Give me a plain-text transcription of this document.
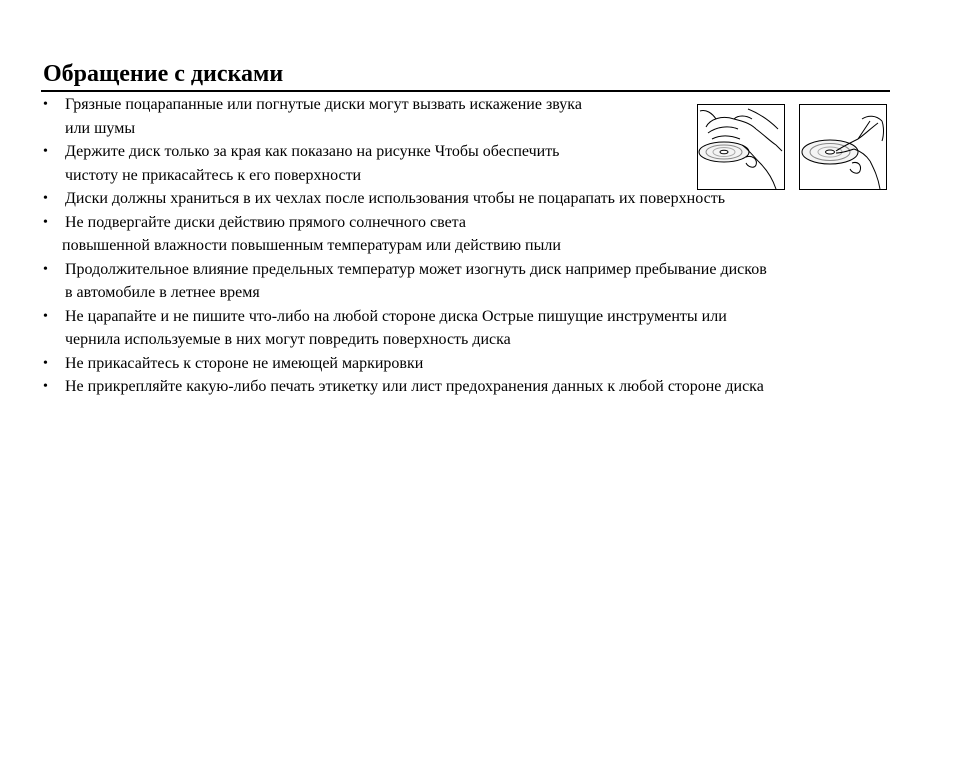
Обращение с дисками
• Грязные поцарапанные или погнутые диски могут вызвать искажение звука
или шумы
• Держите диск только за края как показано на рисунке Чтобы обеспечить
чистоту не прикасайтесь к его поверхности
• Диски должны храниться в их чехлах после использования чтобы не поцарапать их поверхность
• Не подвергайте диски действию прямого солнечного света
повышенной влажности повышенным температурам или действию пыли
• Продолжительное влияние предельных температур может изогнуть диск например пребывание дисков
в автомобиле в летнее время
• Не царапайте и не пишите что-либо на любой стороне диска Острые пишущие инструменты или
чернила используемые в них могут повредить поверхность диска
• Не прикасайтесь к стороне не имеющей маркировки
• Не прикрепляйте какую-либо печать этикетку или лист предохранения данных к любой стороне диска
